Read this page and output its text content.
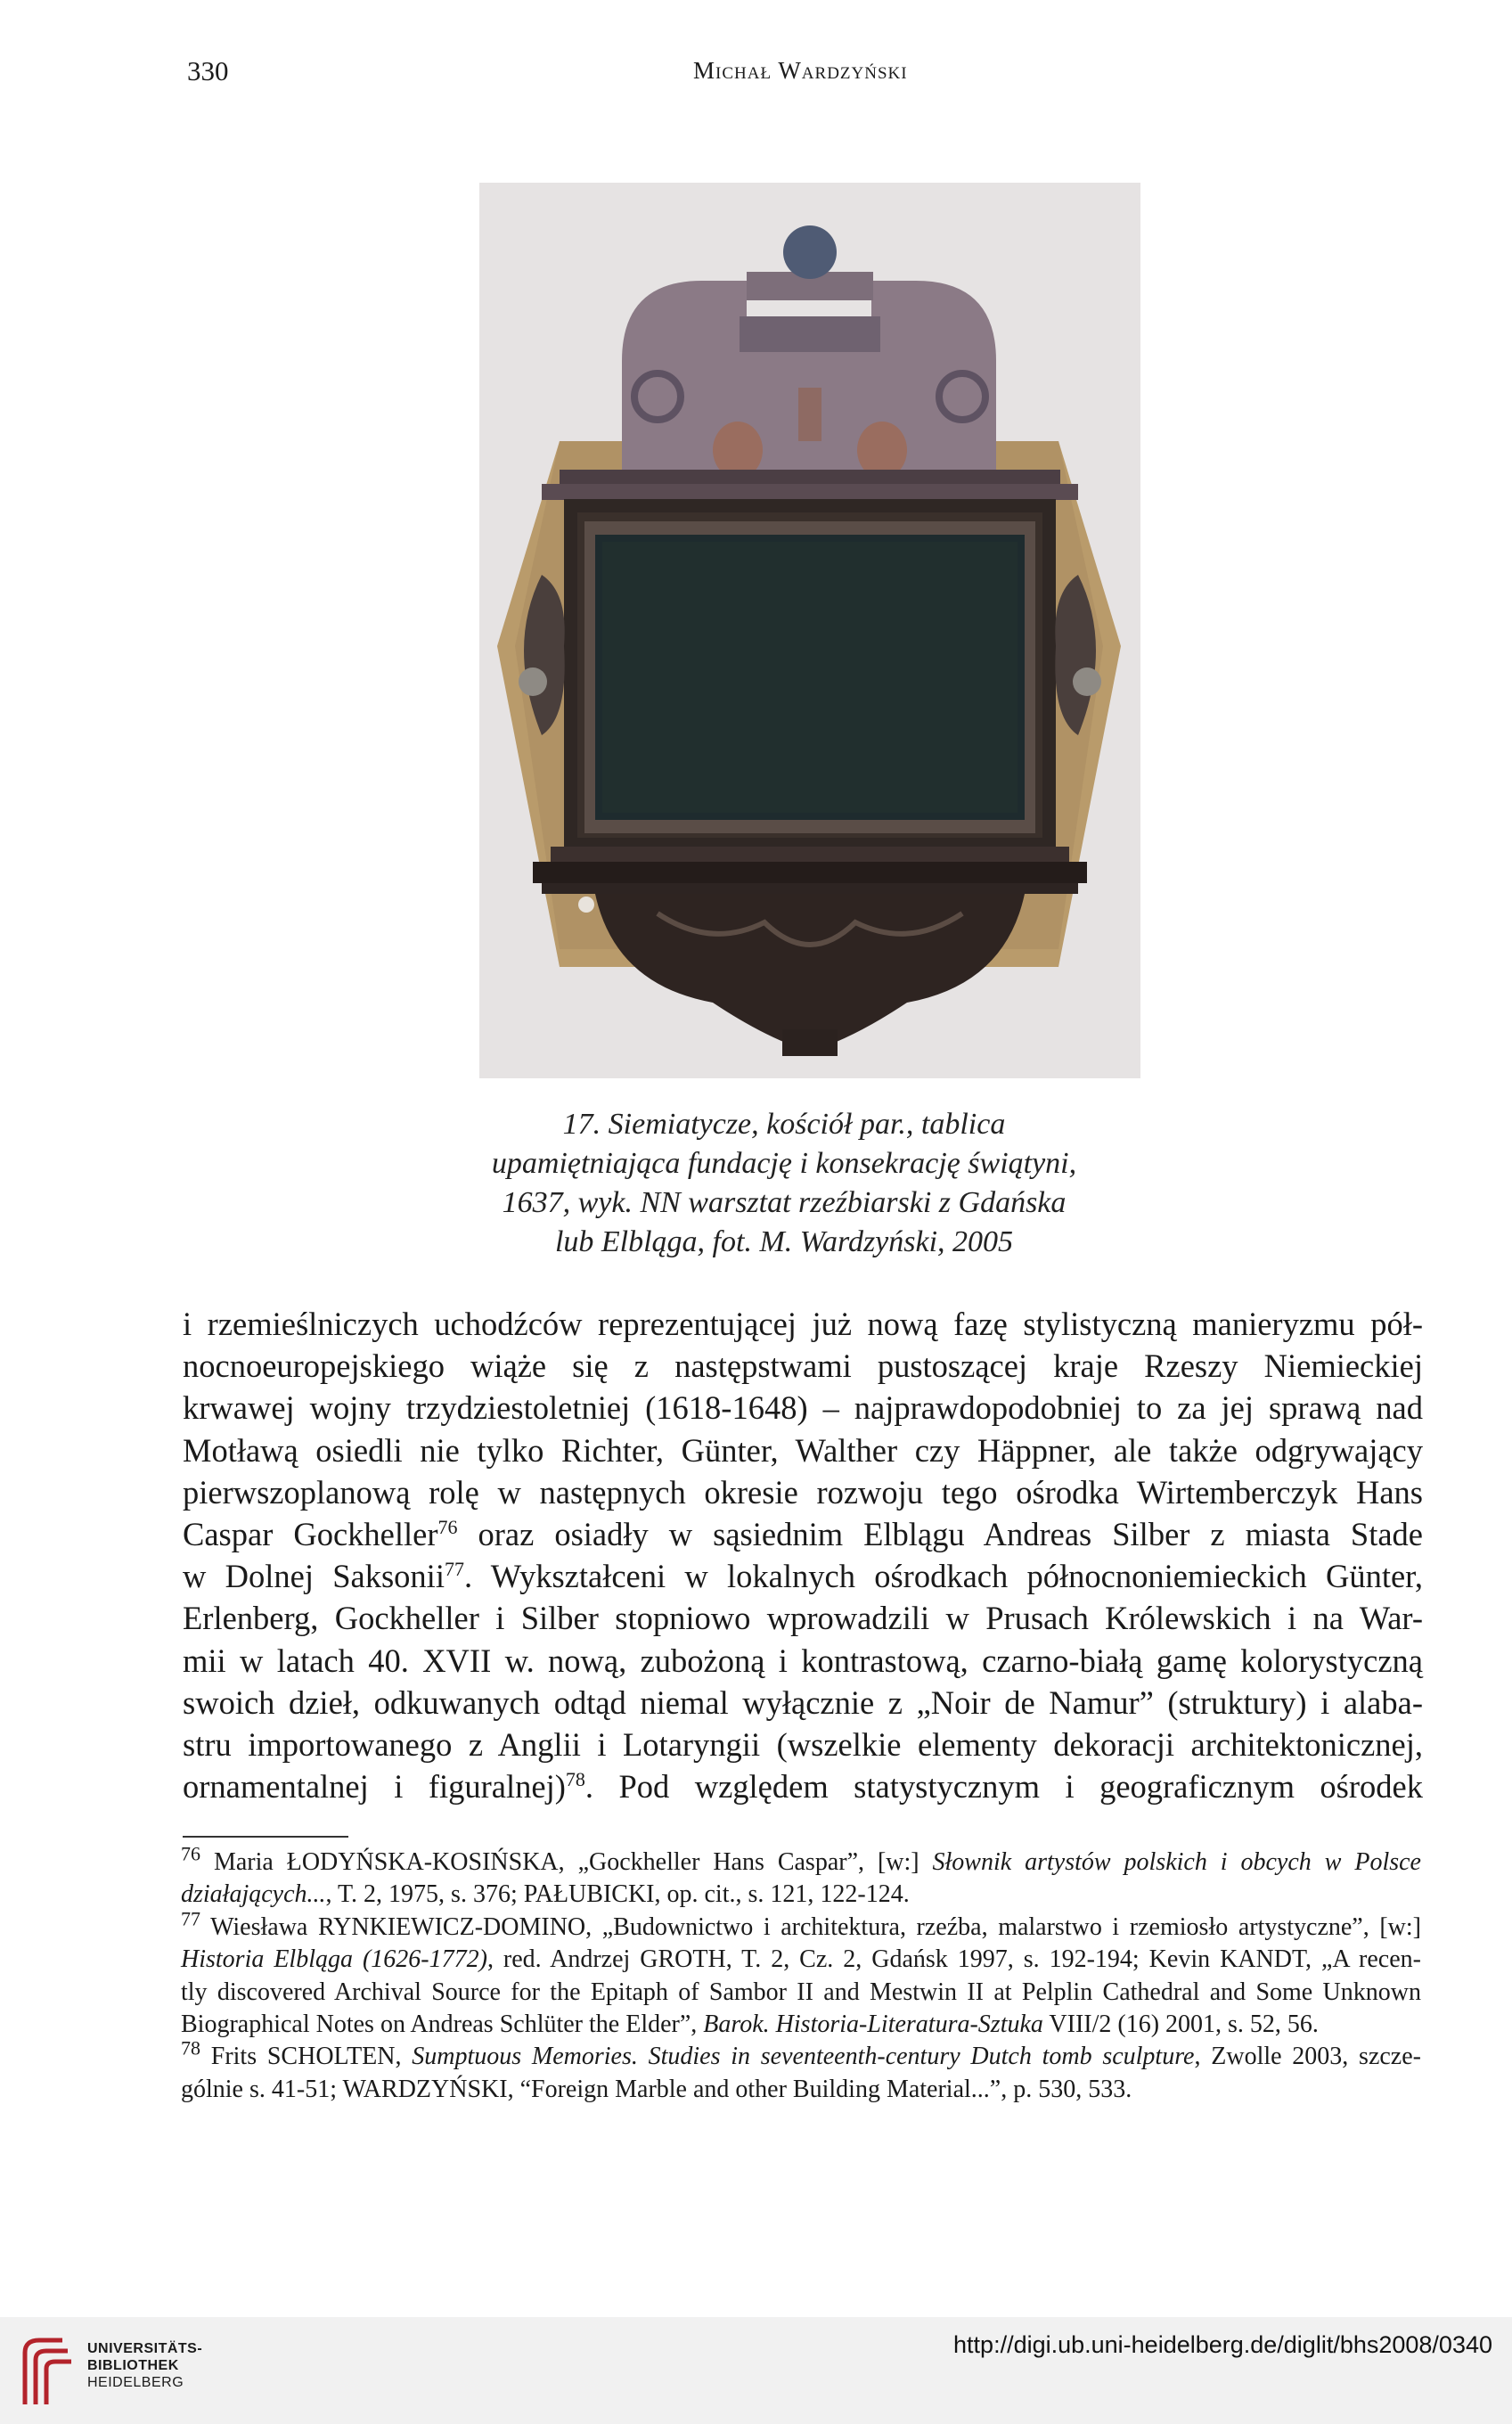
330	Michał Wardzyński
17. Siemiatycze, kościół par., tablica
upamiętniająca fundację i konsekrację świątyni,
1637, wyk. NN warsztat rzeźbiarski z Gdańska
lub Elbląga, fot. M. Wardzyński, 2005
i rzemieślniczych uchodźców reprezentującej już nową fazę stylistyczną manieryzmu pół-
nocnoeuropejskiego wiąże się z następstwami pustoszącej kraje Rzeszy Niemieckiej
krwawej wojny trzydziestoletniej (1618-1648) – najprawdopodobniej to za jej sprawą nad
Motławą osiedli nie tylko Richter, Günter, Walther czy Häppner, ale także odgrywający
pierwszoplanową rolę w następnych okresie rozwoju tego ośrodka Wirtemberczyk Hans
Caspar Gockheller$^{76}$ oraz osiadły w sąsiednim Elblągu Andreas Silber z miasta Stade
w Dolnej Saksonii$^{77}$. Wykształceni w lokalnych ośrodkach północnoniemieckich Günter,
Erlenberg, Gockheller i Silber stopniowo wprowadzili w Prusach Królewskich i na War-
mii w latach 40. XVII w. nową, zubożoną i kontrastową, czarno-białą gamę kolorystyczną
swoich dzieł, odkuwanych odtąd niemal wyłącznie z „Noir de Namur” (struktury) i alaba-
stru importowanego z Anglii i Lotaryngii (wszelkie elementy dekoracji architektonicznej,
ornamentalnej i figuralnej)$^{78}$. Pod względem statystycznym i geograficznym ośrodek
$^{76}$ Maria ŁODYŃSKA-KOSIŃSKA, „Gockheller Hans Caspar”, [w:] Słownik artystów polskich i obcych w Polsce
działających..., T. 2, 1975, s. 376; PAŁUBICKI, op. cit., s. 121, 122-124.
$^{77}$ Wiesława RYNKIEWICZ-DOMINO, „Budownictwo i architektura, rzeźba, malarstwo i rzemiosło artystyczne”, [w:]
Historia Elbląga (1626-1772), red. Andrzej GROTH, T. 2, Cz. 2, Gdańsk 1997, s. 192-194; Kevin KANDT, „A recen-
tly discovered Archival Source for the Epitaph of Sambor II and Mestwin II at Pelplin Cathedral and Some Unknown
Biographical Notes on Andreas Schlüter the Elder”, Barok. Historia-Literatura-Sztuka VIII/2 (16) 2001, s. 52, 56.
$^{78}$ Frits SCHOLTEN, Sumptuous Memories. Studies in seventeenth-century Dutch tomb sculpture, Zwolle 2003, szcze-
gólnie s. 41-51; WARDZYŃSKI, “Foreign Marble and other Building Material...”, p. 530, 533.
UNIVERSITÄTS-
BIBLIOTHEK
HEIDELBERG
http://digi.ub.uni-heidelberg.de/diglit/bhs2008/0340
